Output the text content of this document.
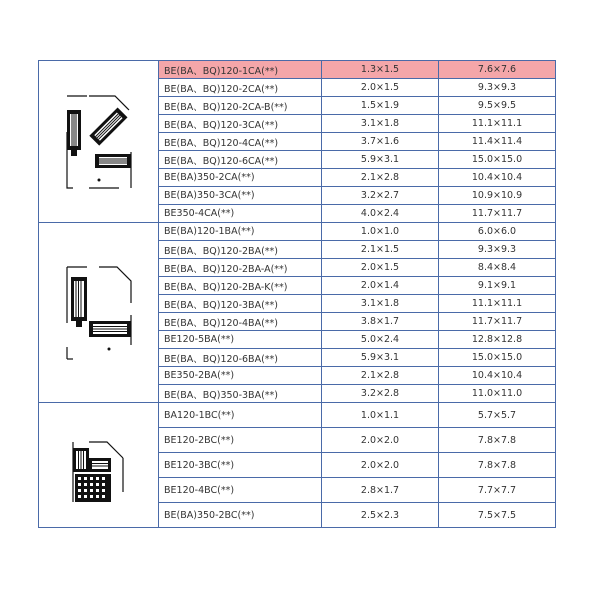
	BE(BA、BQ)120-1CA(**)	1.3×1.5	7.6×7.6
	BE(BA、BQ)120-2CA(**)	2.0×1.5	9.3×9.3
	BE(BA、BQ)120-2CA-B(**)	1.5×1.9	9.5×9.5
	BE(BA、BQ)120-3CA(**)	3.1×1.8	11.1×11.1
	BE(BA、BQ)120-4CA(**)	3.7×1.6	11.4×11.4
	BE(BA、BQ)120-6CA(**)	5.9×3.1	15.0×15.0
	BE(BA)350-2CA(**)	2.1×2.8	10.4×10.4
	BE(BA)350-3CA(**)	3.2×2.7	10.9×10.9
	BE350-4CA(**)	4.0×2.4	11.7×11.7

	BE(BA)120-1BA(**)	1.0×1.0	6.0×6.0
	BE(BA、BQ)120-2BA(**)	2.1×1.5	9.3×9.3
	BE(BA、BQ)120-2BA-A(**)	2.0×1.5	8.4×8.4
	BE(BA、BQ)120-2BA-K(**)	2.0×1.4	9.1×9.1
	BE(BA、BQ)120-3BA(**)	3.1×1.8	11.1×11.1
	BE(BA、BQ)120-4BA(**)	3.8×1.7	11.7×11.7
	BE120-5BA(**)	5.0×2.4	12.8×12.8
	BE(BA、BQ)120-6BA(**)	5.9×3.1	15.0×15.0
	BE350-2BA(**)	2.1×2.8	10.4×10.4
	BE(BA、BQ)350-3BA(**)	3.2×2.8	11.0×11.0

	BA120-1BC(**)	1.0×1.1	5.7×5.7
	BE120-2BC(**)	2.0×2.0	7.8×7.8
	BE120-3BC(**)	2.0×2.0	7.8×7.8
	BE120-4BC(**)	2.8×1.7	7.7×7.7
	BE(BA)350-2BC(**)	2.5×2.3	7.5×7.5
